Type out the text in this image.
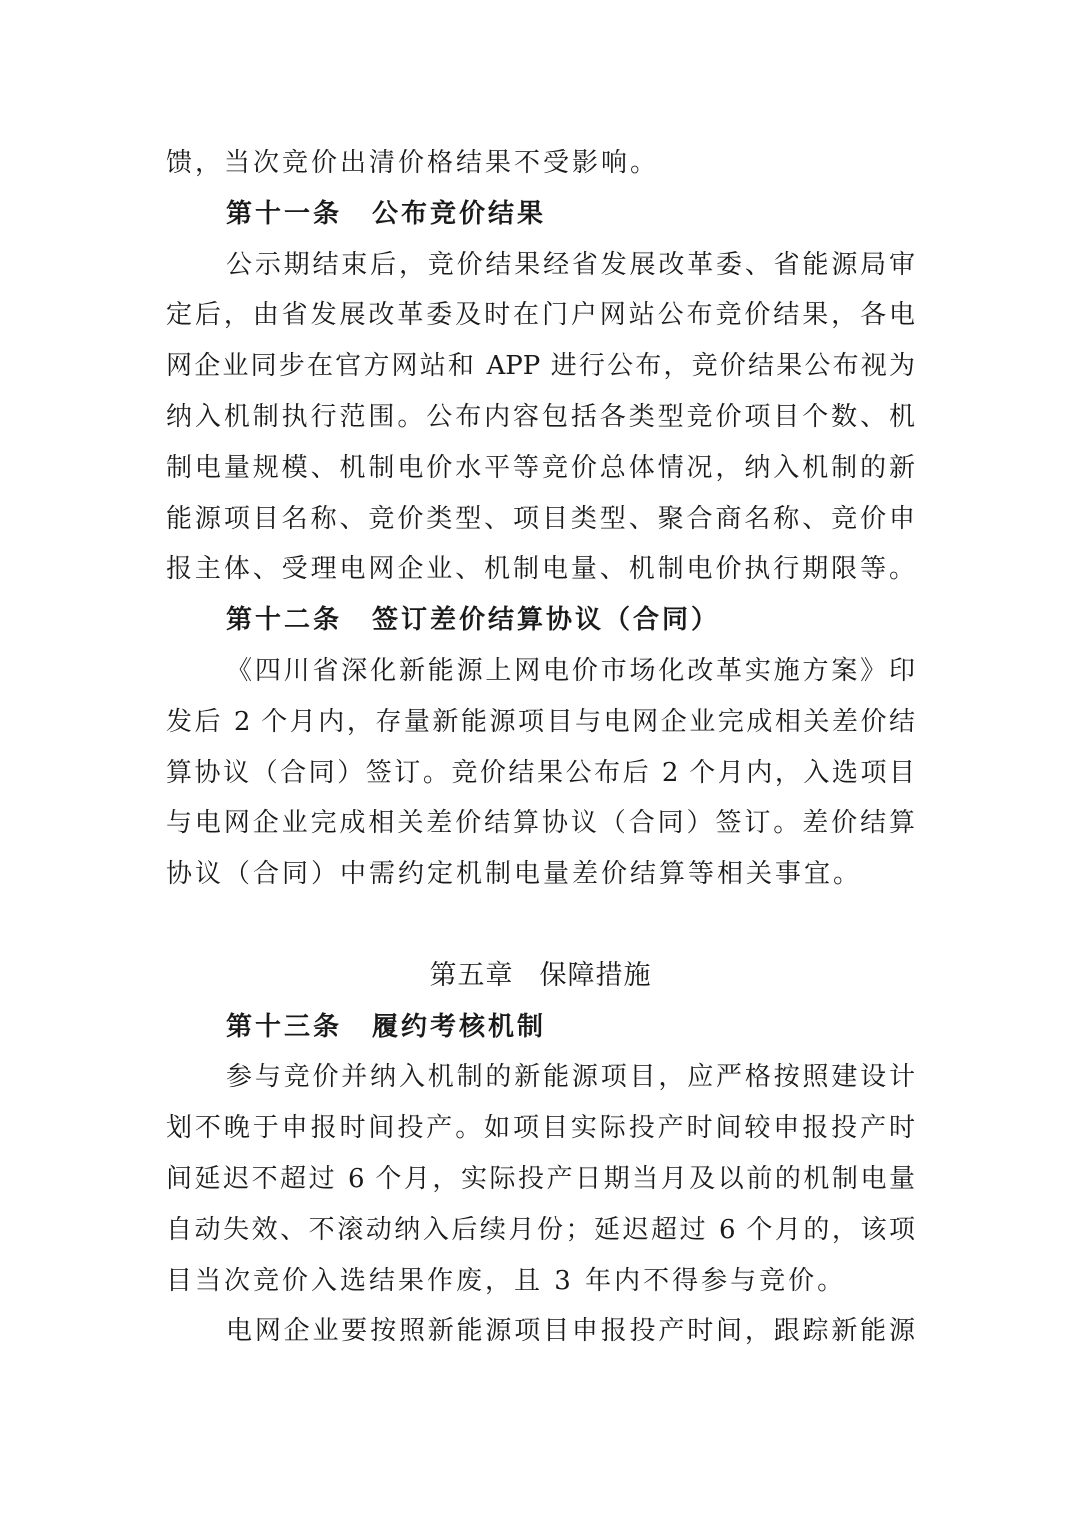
馈，当次竞价出清价格结果不受影响。
第十一条 公布竞价结果
公示期结束后，竞价结果经省发展改革委、省能源局审
定后，由省发展改革委及时在门户网站公布竞价结果，各电
网企业同步在官方网站和 APP 进行公布，竞价结果公布视为
纳入机制执行范围。公布内容包括各类型竞价项目个数、机
制电量规模、机制电价水平等竞价总体情况，纳入机制的新
能源项目名称、竞价类型、项目类型、聚合商名称、竞价申
报主体、受理电网企业、机制电量、机制电价执行期限等。
第十二条 签订差价结算协议（合同）
《四川省深化新能源上网电价市场化改革实施方案》印
发后 2 个月内，存量新能源项目与电网企业完成相关差价结
算协议（合同）签订。竞价结果公布后 2 个月内，入选项目
与电网企业完成相关差价结算协议（合同）签订。差价结算
协议（合同）中需约定机制电量差价结算等相关事宜。
第五章 保障措施
第十三条 履约考核机制
参与竞价并纳入机制的新能源项目，应严格按照建设计
划不晚于申报时间投产。如项目实际投产时间较申报投产时
间延迟不超过 6 个月，实际投产日期当月及以前的机制电量
自动失效、不滚动纳入后续月份；延迟超过 6 个月的，该项
目当次竞价入选结果作废，且 3 年内不得参与竞价。
电网企业要按照新能源项目申报投产时间，跟踪新能源
